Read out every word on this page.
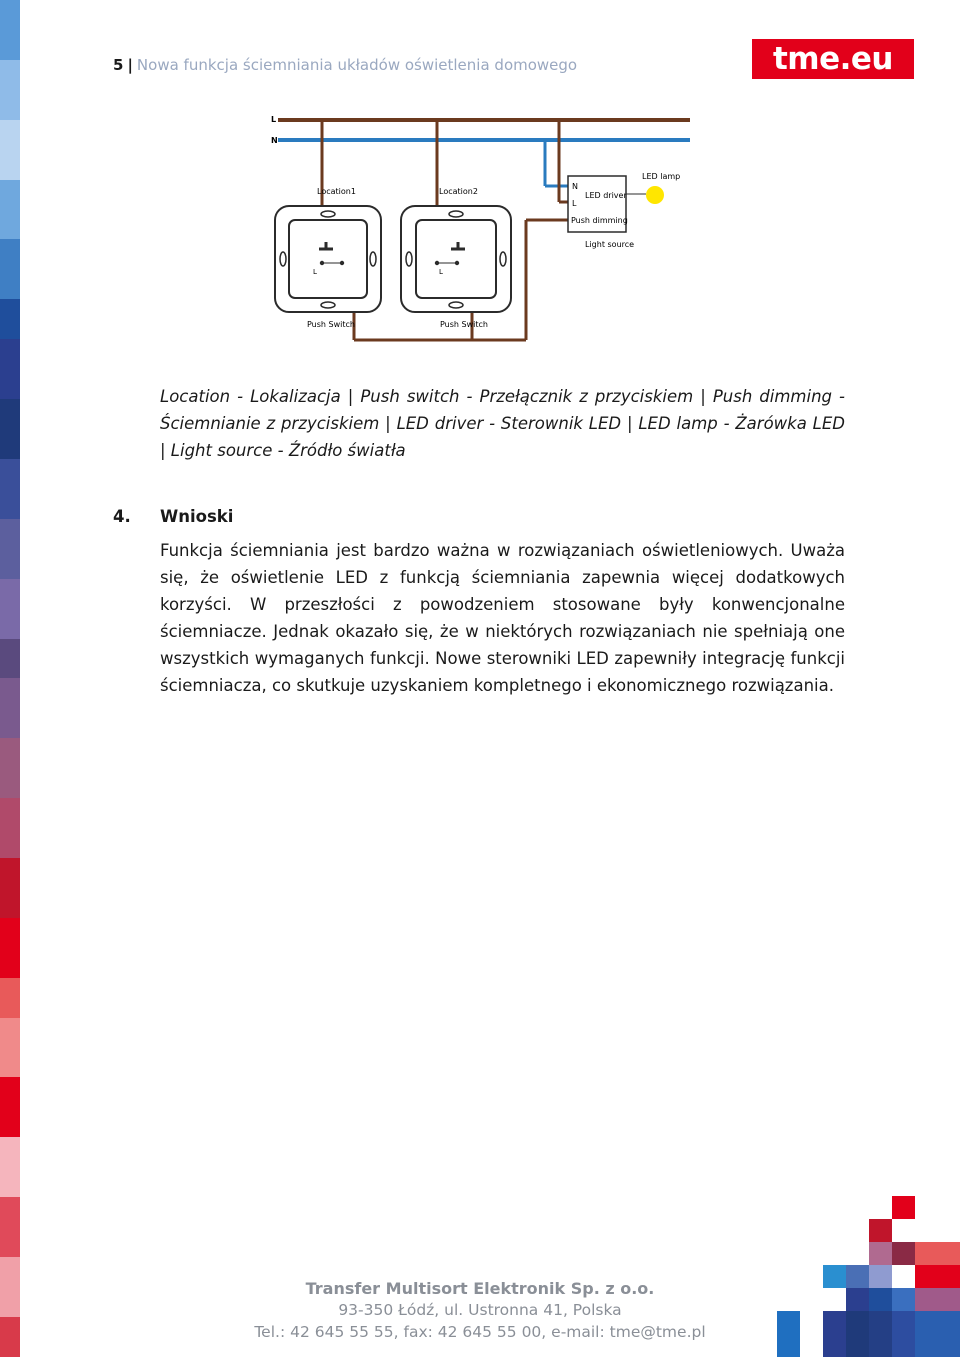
5 | Nowa funkcja ściemniania układów oświetlenia domowego	tme.eu
L
N
N
L
LED driver
Push dimming
Light source
LED lamp
Location1
L
Push Switch
Location2
L
Push Switch
Location - Lokalizacja | Push switch - Przełącznik z przyciskiem | Push dimming - Ściemnianie z przyciskiem | LED driver - Sterownik LED | LED lamp - Żarówka LED | Light source - Źródło światła
4. Wnioski
Funkcja ściemniania jest bardzo ważna w rozwiązaniach oświetleniowych. Uważa się, że oświetlenie LED z funkcją ściemniania zapewnia więcej dodatkowych korzyści. W przeszłości z powodzeniem stosowane były konwencjonalne ściemniacze. Jednak okazało się, że w niektórych rozwiązaniach nie spełniają one wszystkich wymaganych funkcji. Nowe sterowniki LED zapewniły integrację funkcji ściemniacza, co skutkuje uzyskaniem kompletnego i ekonomicznego rozwiązania.
Transfer Multisort Elektronik Sp. z o.o.
93-350 Łódź, ul. Ustronna 41, Polska
Tel.: 42 645 55 55, fax: 42 645 55 00, e-mail: tme@tme.pl
